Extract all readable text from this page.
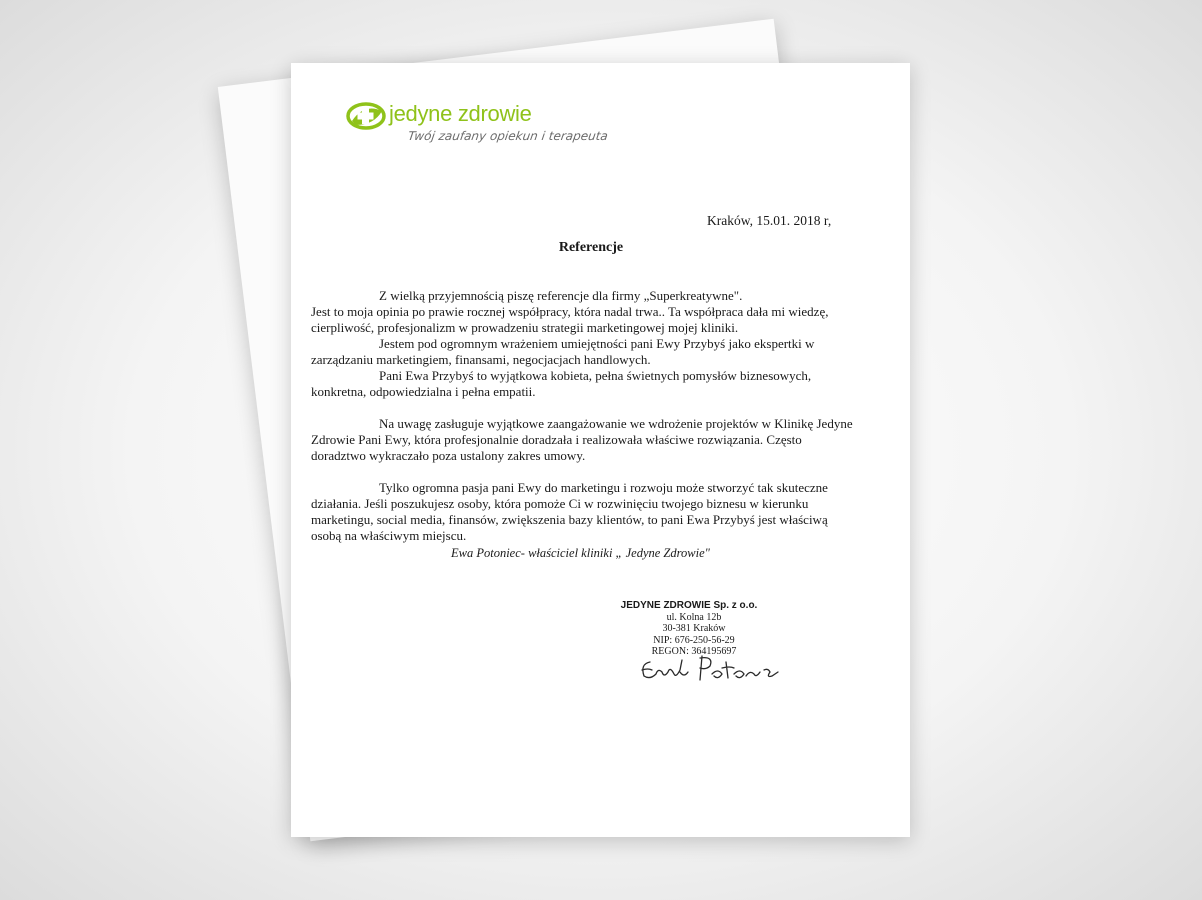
jedyne zdrowie
Twój zaufany opiekun i terapeuta
Kraków, 15.01. 2018 r,
Referencje
Z wielką przyjemnością piszę referencje dla firmy „Superkreatywne".
Jest to moja opinia po prawie rocznej współpracy, która nadal trwa.. Ta współpraca dała mi wiedzę,
cierpliwość, profesjonalizm w prowadzeniu strategii marketingowej mojej kliniki.
Jestem pod ogromnym wrażeniem umiejętności pani Ewy Przybyś jako ekspertki w
zarządzaniu marketingiem, finansami, negocjacjach handlowych.
Pani Ewa Przybyś to wyjątkowa kobieta, pełna świetnych pomysłów biznesowych,
konkretna, odpowiedzialna i pełna empatii.
Na uwagę zasługuje wyjątkowe zaangażowanie we wdrożenie projektów w Klinikę Jedyne
Zdrowie Pani Ewy, która profesjonalnie doradzała i realizowała właściwe rozwiązania. Często
doradztwo wykraczało poza ustalony zakres umowy.
Tylko ogromna pasja pani Ewy do marketingu i rozwoju może stworzyć tak skuteczne
działania. Jeśli poszukujesz osoby, która pomoże Ci w rozwinięciu twojego biznesu w kierunku
marketingu, social media, finansów, zwiększenia bazy klientów, to pani Ewa Przybyś jest właściwą
osobą na właściwym miejscu.
Ewa Potoniec- właściciel kliniki „ Jedyne Zdrowie"
JEDYNE ZDROWIE Sp. z o.o.
ul. Kolna 12b
30-381 Kraków
NIP: 676-250-56-29
REGON: 364195697
